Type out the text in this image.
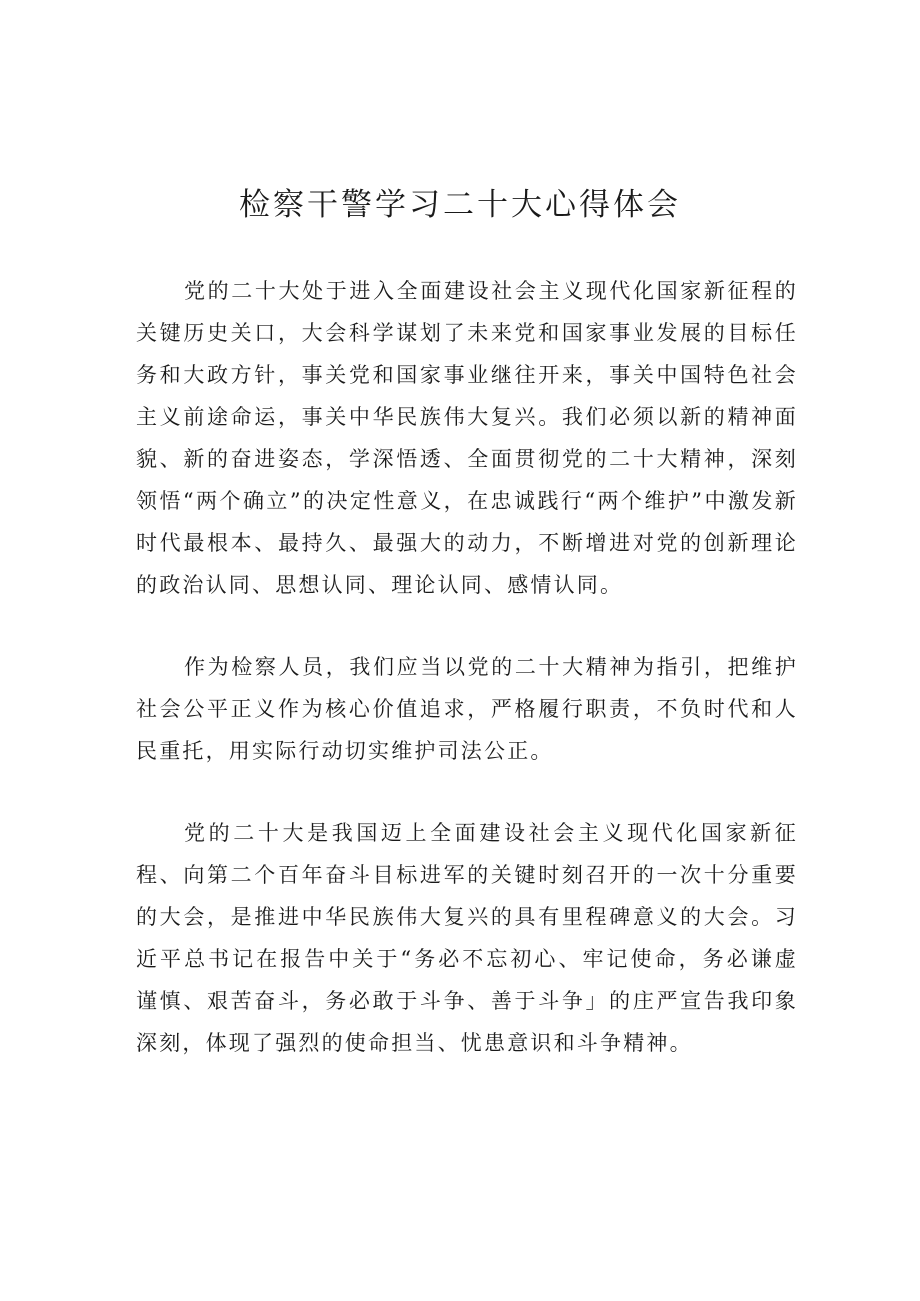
检察干警学习二十大心得体会

党的二十大处于进入全面建设社会主义现代化国家新征程的关键历史关口，大会科学谋划了未来党和国家事业发展的目标任务和大政方针，事关党和国家事业继往开来，事关中国特色社会主义前途命运，事关中华民族伟大复兴。我们必须以新的精神面貌、新的奋进姿态，学深悟透、全面贯彻党的二十大精神，深刻领悟“两个确立”的决定性意义，在忠诚践行“两个维护”中激发新时代最根本、最持久、最强大的动力，不断增进对党的创新理论的政治认同、思想认同、理论认同、感情认同。

作为检察人员，我们应当以党的二十大精神为指引，把维护社会公平正义作为核心价值追求，严格履行职责，不负时代和人民重托，用实际行动切实维护司法公正。

党的二十大是我国迈上全面建设社会主义现代化国家新征程、向第二个百年奋斗目标进军的关键时刻召开的一次十分重要的大会，是推进中华民族伟大复兴的具有里程碑意义的大会。习近平总书记在报告中关于“务必不忘初心、牢记使命，务必谦虚谨慎、艰苦奋斗，务必敢于斗争、善于斗争」的庄严宣告我印象深刻，体现了强烈的使命担当、忧患意识和斗争精神。
